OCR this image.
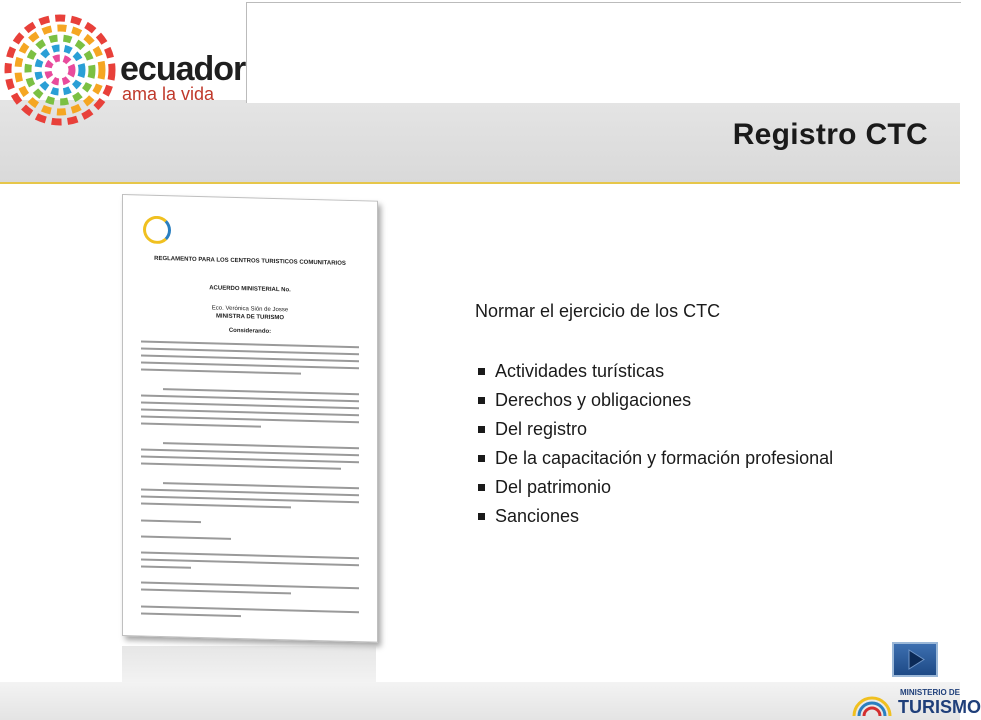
ecuador
ama la vida
Registro CTC
REGLAMENTO PARA LOS CENTROS TURISTICOS COMUNITARIOS
ACUERDO MINISTERIAL No.
Eco. Verónica Sión de Josse
MINISTRA DE TURISMO
Considerando:
Normar el ejercicio de los CTC
Actividades turísticas
Derechos y obligaciones
Del registro
De la capacitación y formación profesional
Del patrimonio
Sanciones
MINISTERIO DE
TURISMO
